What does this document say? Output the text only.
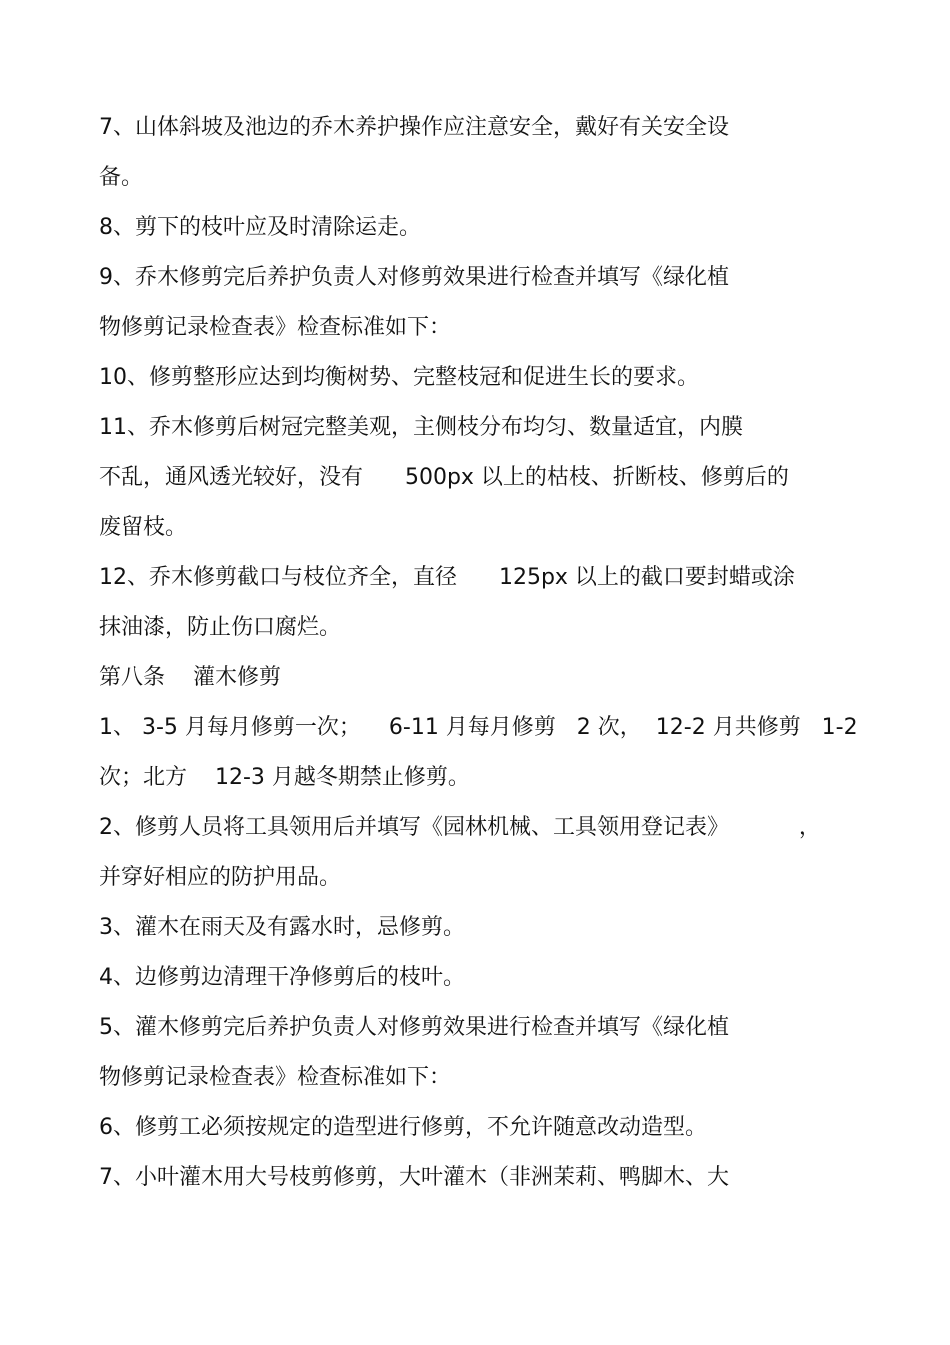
7、山体斜坡及池边的乔木养护操作应注意安全，戴好有关安全设
备。
8、剪下的枝叶应及时清除运走。
9、乔木修剪完后养护负责人对修剪效果进行检查并填写《绿化植
物修剪记录检查表》检查标准如下：
10、修剪整形应达到均衡树势、完整枝冠和促进生长的要求。
11、乔木修剪后树冠完整美观，主侧枝分布均匀、数量适宜，内膜
不乱，通风透光较好，没有      500px 以上的枯枝、折断枝、修剪后的
废留枝。
12、乔木修剪截口与枝位齐全，直径      125px 以上的截口要封蜡或涂
抹油漆，防止伤口腐烂。
第八条    灌木修剪
1、 3-5 月每月修剪一次；    6-11 月每月修剪   2 次，  12-2 月共修剪   1-2
次；北方    12-3 月越冬期禁止修剪。
2、修剪人员将工具领用后并填写《园林机械、工具领用登记表》          ，
并穿好相应的防护用品。
3、灌木在雨天及有露水时，忌修剪。
4、边修剪边清理干净修剪后的枝叶。
5、灌木修剪完后养护负责人对修剪效果进行检查并填写《绿化植
物修剪记录检查表》检查标准如下：
6、修剪工必须按规定的造型进行修剪，不允许随意改动造型。
7、小叶灌木用大号枝剪修剪，大叶灌木（非洲茉莉、鸭脚木、大
